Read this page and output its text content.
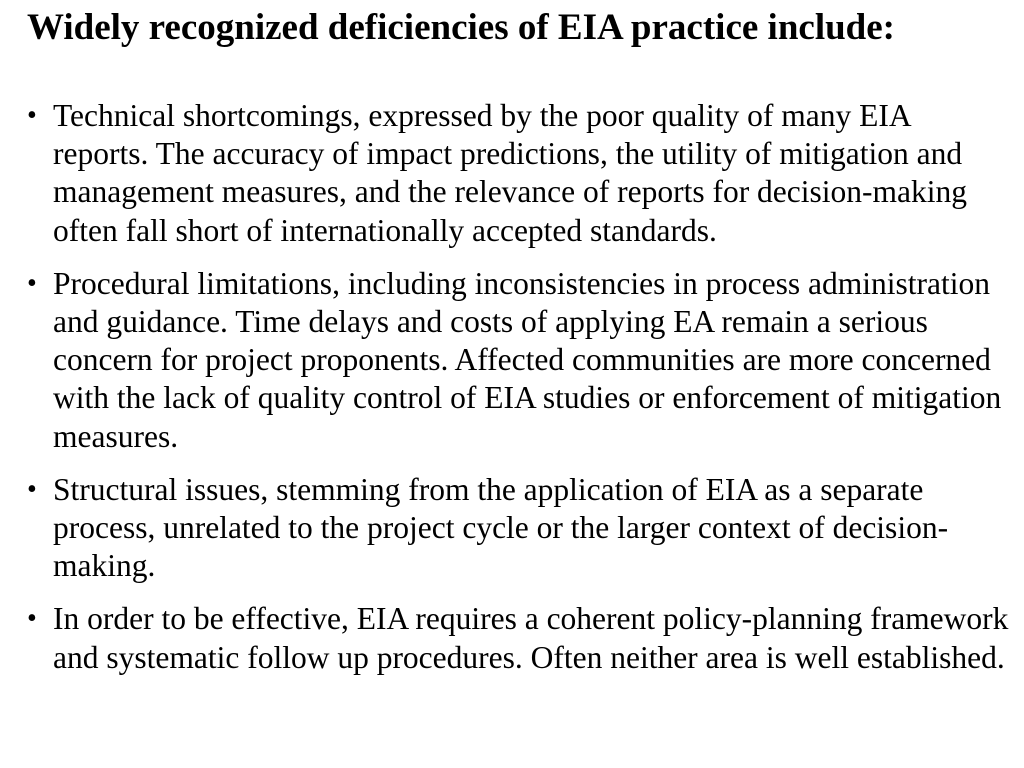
Widely recognized deficiencies of EIA practice include:
• Technical shortcomings, expressed by the poor quality of many EIA reports. The accuracy of impact predictions, the utility of mitigation and management measures, and the relevance of reports for decision-making often fall short of internationally accepted standards.
• Procedural limitations, including inconsistencies in process administration and guidance. Time delays and costs of applying EA remain a serious concern for project proponents. Affected communities are more concerned with the lack of quality control of EIA studies or enforcement of mitigation measures.
• Structural issues, stemming from the application of EIA as a separate process, unrelated to the project cycle or the larger context of decision-making.
• In order to be effective, EIA requires a coherent policy-planning framework and systematic follow up procedures. Often neither area is well established.
